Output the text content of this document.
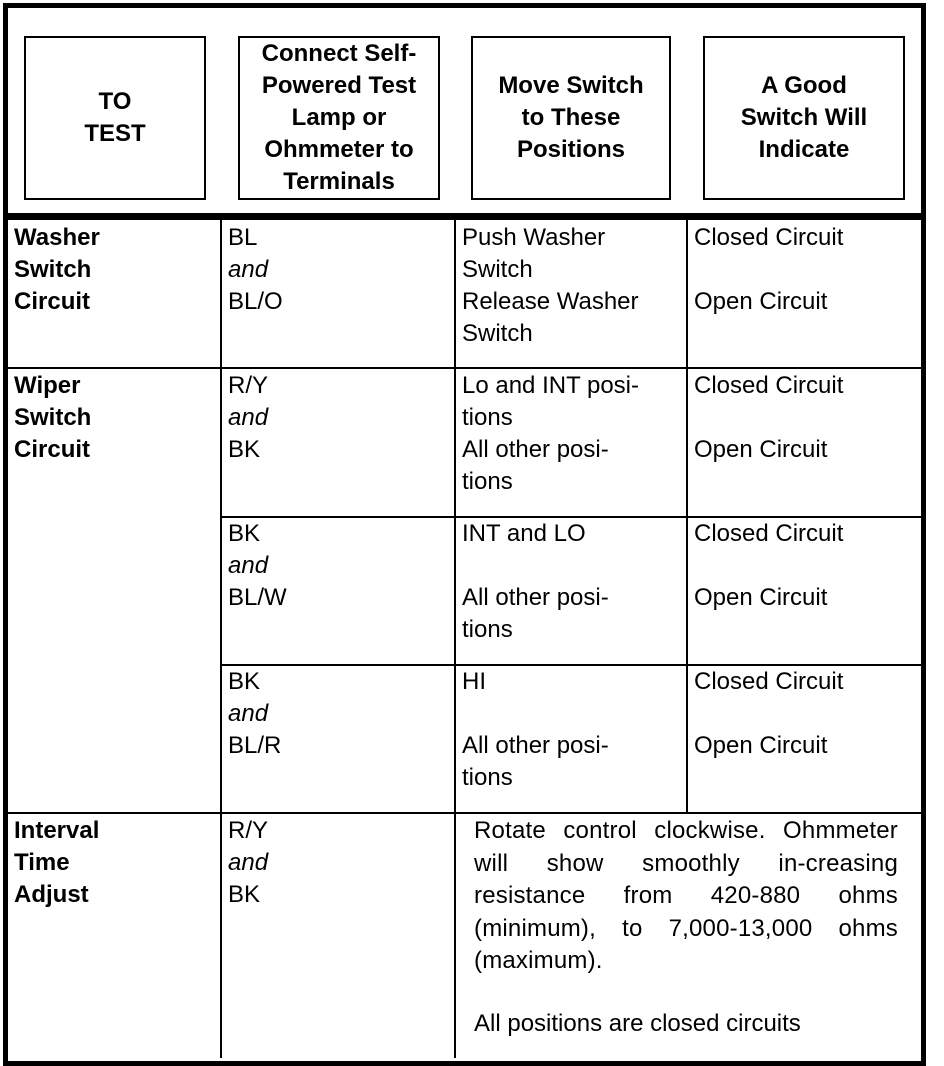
TO
TEST
Connect Self-
Powered Test
Lamp or
Ohmmeter to
Terminals
Move Switch
to These
Positions
A Good
Switch Will
Indicate
Washer
Switch
Circuit
BL
and
BL/O
Push Washer
Switch
Release Washer
Switch
Closed Circuit

Open Circuit
Wiper
Switch
Circuit
R/Y
and
BK
Lo and INT posi-
tions
All other posi-
tions
Closed Circuit

Open Circuit
BK
and
BL/W
INT and LO

All other posi-
tions
Closed Circuit

Open Circuit
BK
and
BL/R
HI

All other posi-
tions
Closed Circuit

Open Circuit
Interval
Time
Adjust
R/Y
and
BK

Rotate control clockwise. Ohmmeter will show smoothly in-creasing resistance from 420-880 ohms (minimum), to 7,000-13,000 ohms (maximum).

All positions are closed circuits
